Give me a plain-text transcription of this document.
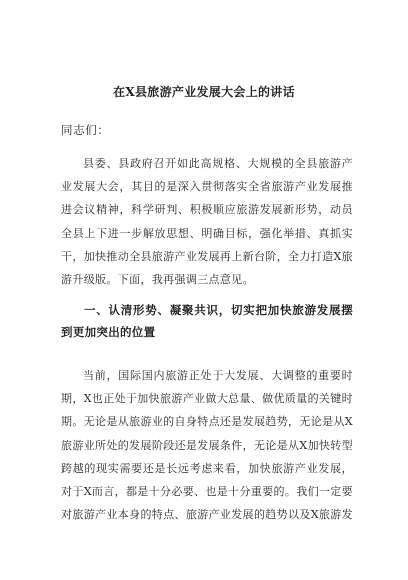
在X县旅游产业发展大会上的讲话
同志们：
县委、县政府召开如此高规格、大规模的全县旅游产业发展大会，其目的是深入贯彻落实全省旅游产业发展推进会议精神，科学研判、积极顺应旅游发展新形势，动员全县上下进一步解放思想、明确目标，强化举措、真抓实干，加快推动全县旅游产业发展再上新台阶，全力打造X旅游升级版。下面，我再强调三点意见。
一、认清形势、凝聚共识，切实把加快旅游发展摆到更加突出的位置
当前，国际国内旅游正处于大发展、大调整的重要时期，X也正处于加快旅游产业做大总量、做优质量的关键时期。无论是从旅游业的自身特点还是发展趋势，无论是从X旅游业所处的发展阶段还是发展条件，无论是从X加快转型跨越的现实需要还是长远考虑来看，加快旅游产业发展，对于X而言，都是十分必要、也是十分重要的。我们一定要对旅游产业本身的特点、旅游产业发展的趋势以及X旅游发
